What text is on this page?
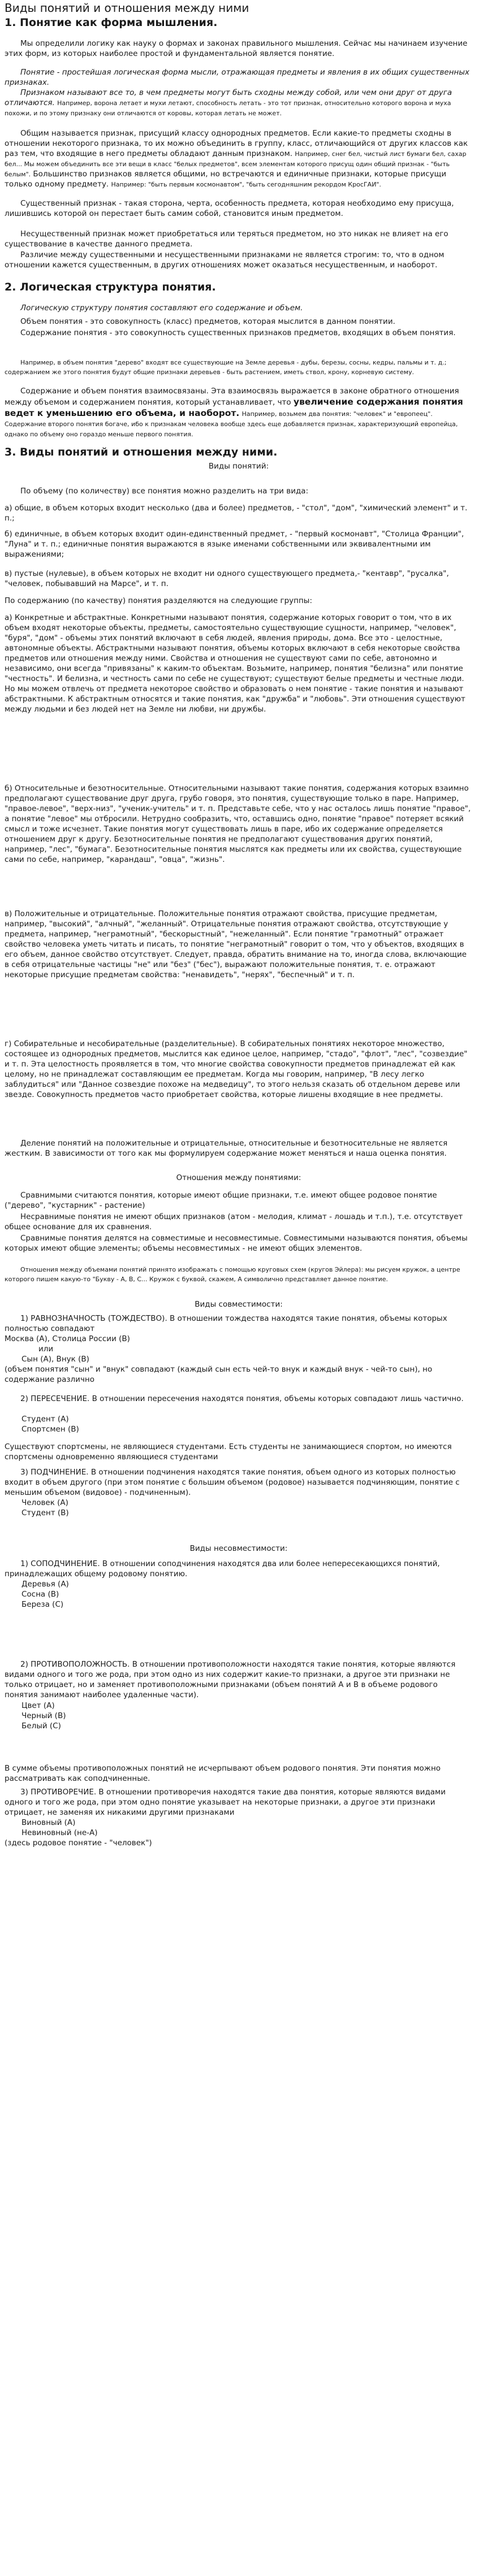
Виды понятий и отношения между ними
1. Понятие как форма мышления.

Мы определили логику как науку о формах и законах правильного мышления. Сейчас мы начинаем изучение этих форм, из которых наиболее простой и фундаментальной является понятие.

Понятие - простейшая логическая форма мысли, отражающая предметы и явления в их общих существенных признаках.

Признаком называют все то, в чем предметы могут быть сходны между собой, или чем они друг от друга отличаются. Например, ворона летает и мухи летают, способность летать - это тот признак, относительно которого ворона и муха похожи, и по этому признаку они отличаются от коровы, которая летать не может.

Общим называется признак, присущий классу однородных предметов. Если какие-то предметы сходны в отношении некоторого признака, то их можно объединить в группу, класс, отличающийся от других классов как раз тем, что входящие в него предметы обладают данным признаком. Например, снег бел, чистый лист бумаги бел, сахар бел... Мы можем объединить все эти вещи в класс "белых предметов", всем элементам которого присущ один общий признак - "быть белым". Большинство признаков является общими, но встречаются и единичные признаки, которые присущи только одному предмету. Например: "быть первым космонавтом", "быть сегодняшним рекордом КросГАИ".

Существенный признак - такая сторона, черта, особенность предмета, которая необходимо ему присуща, лишившись которой он перестает быть самим собой, становится иным предметом.

Несущественный признак может приобретаться или теряться предметом, но это никак не влияет на его существование в качестве данного предмета.

Различие между существенными и несущественными признаками не является строгим: то, что в одном отношении кажется существенным, в других отношениях может оказаться несущественным, и наоборот.

2. Логическая структура понятия.

Логическую структуру понятия составляют его содержание и объем.

Объем понятия - это совокупность (класс) предметов, которая мыслится в данном понятии.

Содержание понятия - это совокупность существенных признаков предметов, входящих в объем понятия.

Например, в объем понятия "дерево" входят все существующие на Земле деревья - дубы, березы, сосны, кедры, пальмы и т. д.; содержанием же этого понятия будут общие признаки деревьев - быть растением, иметь ствол, крону, корневую систему.

Содержание и объем понятия взаимосвязаны. Эта взаимосвязь выражается в законе обратного отношения между объемом и содержанием понятия, который устанавливает, что увеличение содержания понятия ведет к уменьшению его объема, и наоборот. Например, возьмем два понятия: "человек" и "европеец". Содержание второго понятия богаче, ибо к признакам человека вообще здесь еще добавляется признак, характеризующий европейца, однако по объему оно гораздо меньше первого понятия.

3. Виды понятий и отношения между ними.

Виды понятий:

По объему (по количеству) все понятия можно разделить на три вида:

а) общие, в объем которых входит несколько (два и более) предметов, - "стол", "дом", "химический элемент" и т. п.;

б) единичные, в объем которых входит один-единственный предмет, - "первый космонавт", "Столица Франции", "Луна" и т. п.; единичные понятия выражаются в языке именами собственными или эквивалентными им выражениями;

в) пустые (нулевые), в объем которых не входит ни одного существующего предмета,- "кентавр", "русалка", "человек, побывавший на Марсе", и т. п.

По содержанию (по качеству) понятия разделяются на следующие группы:

а) Конкретные и абстрактные. Конкретными называют понятия, содержание которых говорит о том, что в их объем входят некоторые объекты, предметы, самостоятельно существующие сущности, например, "человек", "буря", "дом" - объемы этих понятий включают в себя людей, явления природы, дома. Все это - целостные, автономные объекты. Абстрактными называют понятия, объемы которых включают в себя некоторые свойства предметов или отношения между ними. Свойства и отношения не существуют сами по себе, автономно и независимо, они всегда "привязаны" к каким-то объектам. Возьмите, например, понятия "белизна" или понятие "честность". И белизна, и честность сами по себе не существуют; существуют белые предметы и честные люди. Но мы можем отвлечь от предмета некоторое свойство и образовать о нем понятие - такие понятия и называют абстрактными. К абстрактным относятся и такие понятия, как "дружба" и "любовь". Эти отношения существуют между людьми и без людей нет на Земле ни любви, ни дружбы.

б) Относительные и безотносительные. Относительными называют такие понятия, содержания которых взаимно предполагают существование друг друга, грубо говоря, это понятия, существующие только в паре. Например, "правое-левое", "верх-низ", "ученик-учитель" и т. п. Представьте себе, что у нас осталось лишь понятие "правое", а понятие "левое" мы отбросили. Нетрудно сообразить, что, оставшись одно, понятие "правое" потеряет всякий смысл и тоже исчезнет. Такие понятия могут существовать лишь в паре, ибо их содержание определяется отношением друг к другу. Безотносительные понятия не предполагают существования других понятий, например, "лес", "бумага". Безотносительные понятия мыслятся как предметы или их свойства, существующие сами по себе, например, "карандаш", "овца", "жизнь".

в) Положительные и отрицательные. Положительные понятия отражают свойства, присущие предметам, например, "высокий", "алчный", "желанный". Отрицательные понятия отражают свойства, отсутствующие у предмета, например, "неграмотный", "бескорыстный", "нежеланный". Если понятие "грамотный" отражает свойство человека уметь читать и писать, то понятие "неграмотный" говорит о том, что у объектов, входящих в его объем, данное свойство отсутствует. Следует, правда, обратить внимание на то, иногда слова, включающие в себя отрицательные частицы "не" или "без" ("бес"), выражают положительные понятия, т. е. отражают некоторые присущие предметам свойства: "ненавидеть", "нерях", "беспечный" и т. п.

г) Собирательные и несобирательные (разделительные). В собирательных понятиях некоторое множество, состоящее из однородных предметов, мыслится как единое целое, например, "стадо", "флот", "лес", "созвездие" и т. п. Эта целостность проявляется в том, что многие свойства совокупности предметов принадлежат ей как целому, но не принадлежат составляющим ее предметам. Когда мы говорим, например, "В лесу легко заблудиться" или "Данное созвездие похоже на медведицу", то этого нельзя сказать об отдельном дереве или звезде. Совокупность предметов часто приобретает свойства, которые лишены входящие в нее предметы.

Деление понятий на положительные и отрицательные, относительные и безотносительные не является жестким. В зависимости от того как мы формулируем содержание может меняться и наша оценка понятия.

Отношения между понятиями:

Сравнимыми считаются понятия, которые имеют общие признаки, т.е. имеют общее родовое понятие ("дерево", "кустарник" - растение)

Несравнимые понятия не имеют общих признаков (атом - мелодия, климат - лошадь и т.п.), т.е. отсутствует общее основание для их сравнения.

Сравнимые понятия делятся на совместимые и несовместимые. Совместимыми называются понятия, объемы которых имеют общие элементы; объемы несовместимых - не имеют общих элементов.

Отношения между объемами понятий принято изображать с помощью круговых схем (кругов Эйлера): мы рисуем кружок, а центре которого пишем какую-то "Букву - А, В, С... Кружок с буквой, скажем, А символично представляет данное понятие.

Виды совместимости:

1) РАВНОЗНАЧНОСТЬ (ТОЖДЕСТВО). В отношении тождества находятся такие понятия, объемы которых полностью совпадают

Москва (А), Столица России (В)

или

Сын (А), Внук (В)

(объем понятия "сын" и "внук" совпадают (каждый сын есть чей-то внук и каждый внук - чей-то сын), но содержание различно

2) ПЕРЕСЕЧЕНИЕ. В отношении пересечения находятся понятия, объемы которых совпадают лишь частично.

Студент (А)

Спортсмен (В)

Существуют спортсмены, не являющиеся студентами. Есть студенты не занимающиеся спортом, но имеются спортсмены одновременно являющиеся студентами

3) ПОДЧИНЕНИЕ. В отношении подчинения находятся такие понятия, объем одного из которых полностью входит в объем другого (при этом понятие с большим объемом (родовое) называется подчиняющим, понятие с меньшим объемом (видовое) - подчиненным).

Человек (А)

Студент (В)

Виды несовместимости:

1) СОПОДЧИНЕНИЕ. В отношении соподчинения находятся два или более непересекающихся понятий, принадлежащих общему родовому понятию.

Деревья (А)

Сосна (B)

Береза (С)

2) ПРОТИВОПОЛОЖНОСТЬ. В отношении противоположности находятся такие понятия, которые являются видами одного и того же рода, при этом одно из них содержит какие-то признаки, а другое эти признаки не только отрицает, но и заменяет противоположными признаками (объем понятий А и В в объеме родового понятия занимают наиболее удаленные части).

Цвет (А)

Черный (В)

Белый (С)

В сумме объемы противоположных понятий не исчерпывают объем родового понятия. Эти понятия можно рассматривать как соподчиненные.

3) ПРОТИВОРЕЧИЕ. В отношении противоречия находятся такие два понятия, которые являются видами одного и того же рода, при этом одно понятие указывает на некоторые признаки, а другое эти признаки отрицает, не заменяя их никакими другими признаками

Виновный (А)

Невиновный (не-А)

(здесь родовое понятие - "человек")
